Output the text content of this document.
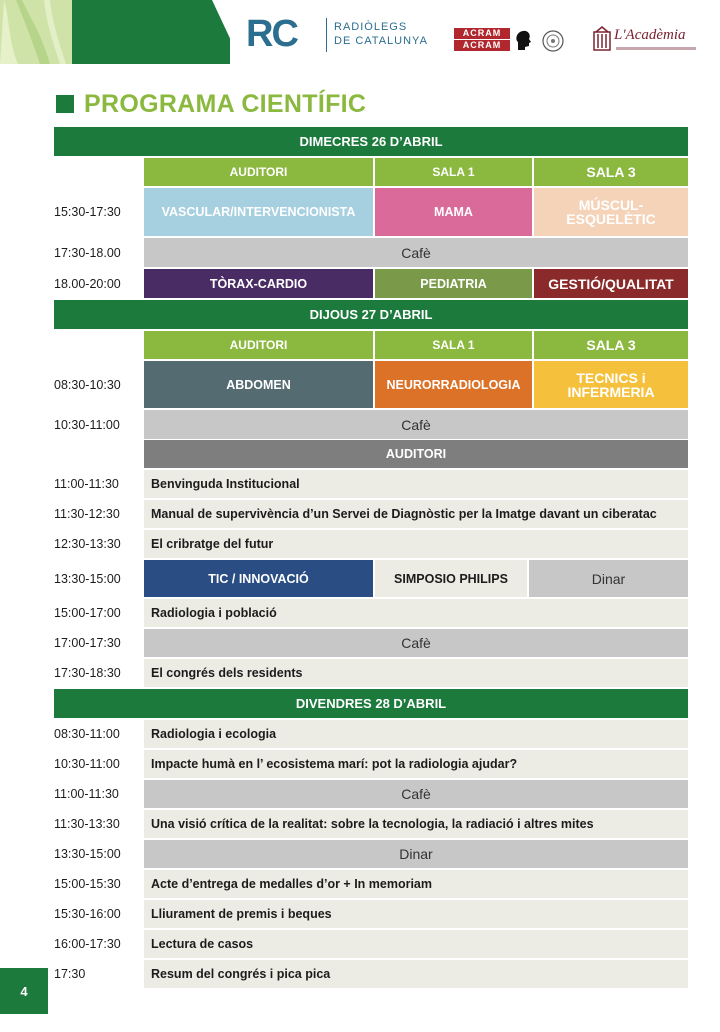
RC	RADIÒLEGS
DE CATALUNYA
ACRAM
ACRAM
L'Acadèmia
PROGRAMA CIENTÍFIC
DIMECRES 26 D’ABRIL
AUDITORI	SALA 1	SALA 3
15:30-17:30	VASCULAR/INTERVENCIONISTA	MAMA	MÚSCUL-ESQUELÈTIC
17:30-18.00	Cafè
18.00-20:00	TÒRAX-CARDIO	PEDIATRIA	GESTIÓ/QUALITAT
DIJOUS 27 D’ABRIL
AUDITORI	SALA 1	SALA 3
08:30-10:30	ABDOMEN	NEURORRADIOLOGIA	TECNICS i INFERMERIA
10:30-11:00	Cafè
AUDITORI
11:00-11:30	Benvinguda Institucional
11:30-12:30	Manual de supervivència d’un Servei de Diagnòstic per la Imatge davant un ciberatac
12:30-13:30	El cribratge del futur
13:30-15:00	TIC / INNOVACIÓ	SIMPOSIO PHILIPS	Dinar
15:00-17:00	Radiologia i població
17:00-17:30	Cafè
17:30-18:30	El congrés dels residents
DIVENDRES 28 D’ABRIL
08:30-11:00	Radiologia i ecologia
10:30-11:00	Impacte humà en l’ ecosistema marí: pot la radiologia ajudar?
11:00-11:30	Cafè
11:30-13:30	Una visió crítica de la realitat: sobre la tecnologia, la radiació i altres mites
13:30-15:00	Dinar
15:00-15:30	Acte d’entrega de medalles d’or + In memoriam
15:30-16:00	Lliurament de premis i beques
16:00-17:30	Lectura de casos
17:30	Resum del congrés i pica pica
4
